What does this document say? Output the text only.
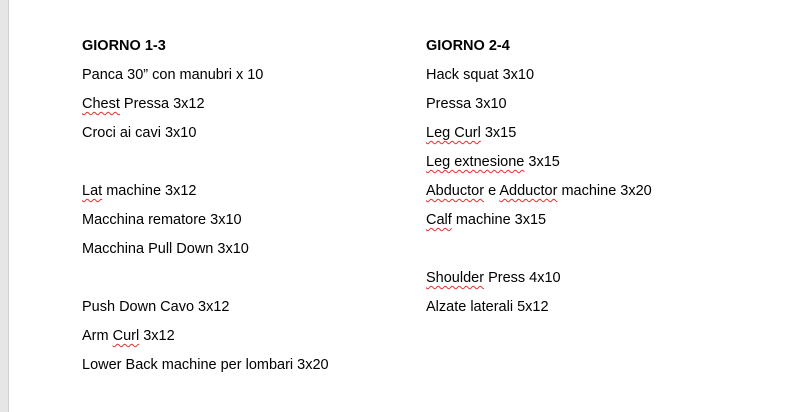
GIORNO 1-3
Panca 30” con manubri x 10
Chest Pressa 3x12
Croci ai cavi 3x10
Lat machine 3x12
Macchina rematore 3x10
Macchina Pull Down 3x10
Push Down Cavo 3x12
Arm Curl 3x12
Lower Back machine per lombari 3x20
GIORNO 2-4
Hack squat 3x10
Pressa 3x10
Leg Curl 3x15
Leg extnesione 3x15
Abductor e Adductor machine 3x20
Calf machine 3x15
Shoulder Press 4x10
Alzate laterali 5x12
